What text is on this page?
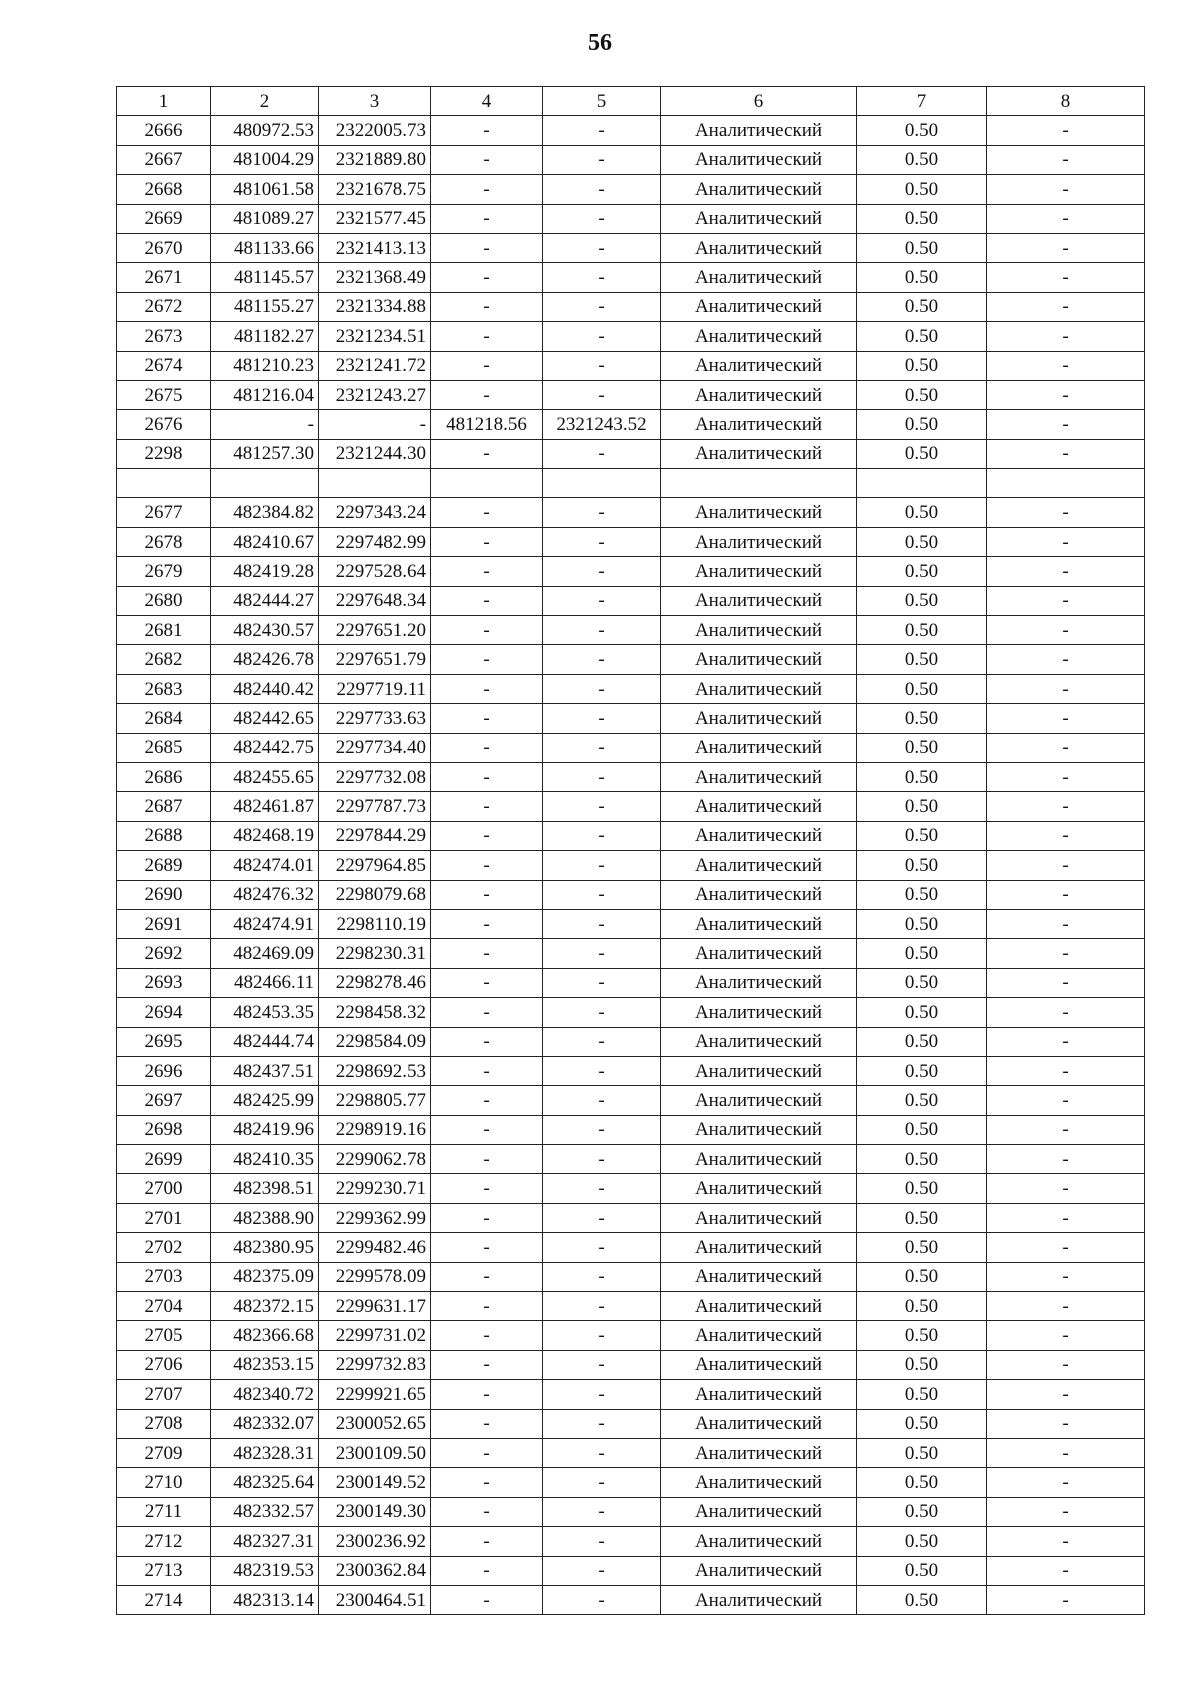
56
1	2	3	4	5	6	7	8
2666	480972.53	2322005.73	-	-	Аналитический	0.50	-
2667	481004.29	2321889.80	-	-	Аналитический	0.50	-
2668	481061.58	2321678.75	-	-	Аналитический	0.50	-
2669	481089.27	2321577.45	-	-	Аналитический	0.50	-
2670	481133.66	2321413.13	-	-	Аналитический	0.50	-
2671	481145.57	2321368.49	-	-	Аналитический	0.50	-
2672	481155.27	2321334.88	-	-	Аналитический	0.50	-
2673	481182.27	2321234.51	-	-	Аналитический	0.50	-
2674	481210.23	2321241.72	-	-	Аналитический	0.50	-
2675	481216.04	2321243.27	-	-	Аналитический	0.50	-
2676	-	-	481218.56	2321243.52	Аналитический	0.50	-
2298	481257.30	2321244.30	-	-	Аналитический	0.50	-

2677	482384.82	2297343.24	-	-	Аналитический	0.50	-
2678	482410.67	2297482.99	-	-	Аналитический	0.50	-
2679	482419.28	2297528.64	-	-	Аналитический	0.50	-
2680	482444.27	2297648.34	-	-	Аналитический	0.50	-
2681	482430.57	2297651.20	-	-	Аналитический	0.50	-
2682	482426.78	2297651.79	-	-	Аналитический	0.50	-
2683	482440.42	2297719.11	-	-	Аналитический	0.50	-
2684	482442.65	2297733.63	-	-	Аналитический	0.50	-
2685	482442.75	2297734.40	-	-	Аналитический	0.50	-
2686	482455.65	2297732.08	-	-	Аналитический	0.50	-
2687	482461.87	2297787.73	-	-	Аналитический	0.50	-
2688	482468.19	2297844.29	-	-	Аналитический	0.50	-
2689	482474.01	2297964.85	-	-	Аналитический	0.50	-
2690	482476.32	2298079.68	-	-	Аналитический	0.50	-
2691	482474.91	2298110.19	-	-	Аналитический	0.50	-
2692	482469.09	2298230.31	-	-	Аналитический	0.50	-
2693	482466.11	2298278.46	-	-	Аналитический	0.50	-
2694	482453.35	2298458.32	-	-	Аналитический	0.50	-
2695	482444.74	2298584.09	-	-	Аналитический	0.50	-
2696	482437.51	2298692.53	-	-	Аналитический	0.50	-
2697	482425.99	2298805.77	-	-	Аналитический	0.50	-
2698	482419.96	2298919.16	-	-	Аналитический	0.50	-
2699	482410.35	2299062.78	-	-	Аналитический	0.50	-
2700	482398.51	2299230.71	-	-	Аналитический	0.50	-
2701	482388.90	2299362.99	-	-	Аналитический	0.50	-
2702	482380.95	2299482.46	-	-	Аналитический	0.50	-
2703	482375.09	2299578.09	-	-	Аналитический	0.50	-
2704	482372.15	2299631.17	-	-	Аналитический	0.50	-
2705	482366.68	2299731.02	-	-	Аналитический	0.50	-
2706	482353.15	2299732.83	-	-	Аналитический	0.50	-
2707	482340.72	2299921.65	-	-	Аналитический	0.50	-
2708	482332.07	2300052.65	-	-	Аналитический	0.50	-
2709	482328.31	2300109.50	-	-	Аналитический	0.50	-
2710	482325.64	2300149.52	-	-	Аналитический	0.50	-
2711	482332.57	2300149.30	-	-	Аналитический	0.50	-
2712	482327.31	2300236.92	-	-	Аналитический	0.50	-
2713	482319.53	2300362.84	-	-	Аналитический	0.50	-
2714	482313.14	2300464.51	-	-	Аналитический	0.50	-
